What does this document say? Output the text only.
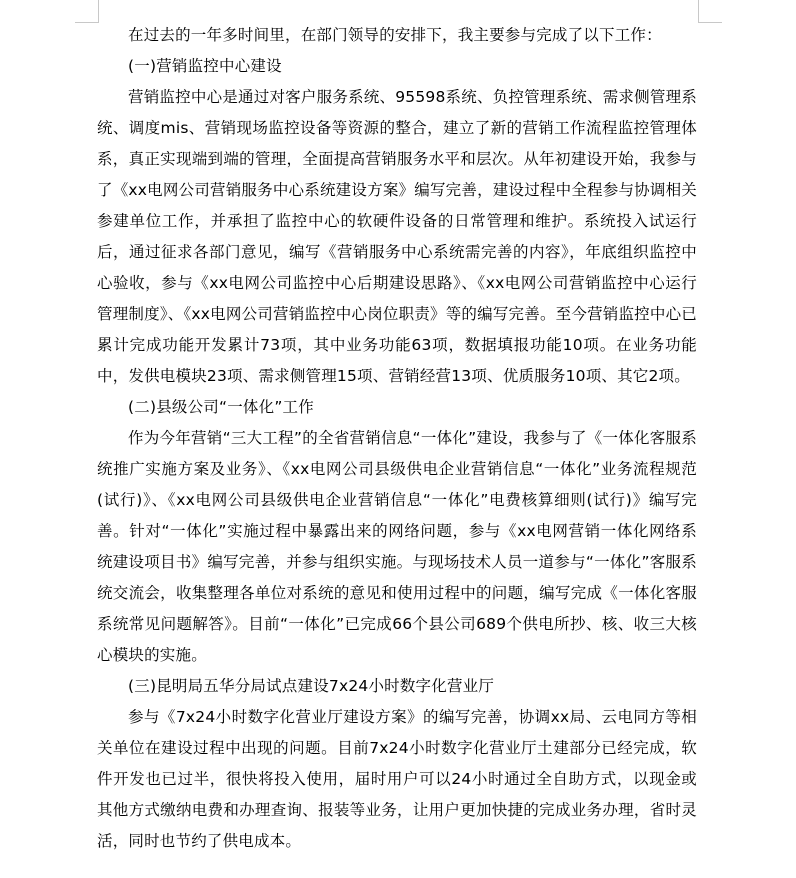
在过去的一年多时间里，在部门领导的安排下，我主要参与完成了以下工作：

(一)营销监控中心建设

营销监控中心是通过对客户服务系统、95598系统、负控管理系统、需求侧管理系统、调度mis、营销现场监控设备等资源的整合，建立了新的营销工作流程监控管理体系，真正实现端到端的管理，全面提高营销服务水平和层次。从年初建设开始，我参与了《xx电网公司营销服务中心系统建设方案》编写完善，建设过程中全程参与协调相关参建单位工作，并承担了监控中心的软硬件设备的日常管理和维护。系统投入试运行后，通过征求各部门意见，编写《营销服务中心系统需完善的内容》，年底组织监控中心验收，参与《xx电网公司监控中心后期建设思路》、《xx电网公司营销监控中心运行管理制度》、《xx电网公司营销监控中心岗位职责》等的编写完善。至今营销监控中心已累计完成功能开发累计73项，其中业务功能63项，数据填报功能10项。在业务功能中，发供电模块23项、需求侧管理15项、营销经营13项、优质服务10项、其它2项。

(二)县级公司“一体化”工作

作为今年营销“三大工程”的全省营销信息“一体化”建设，我参与了《一体化客服系统推广实施方案及业务》、《xx电网公司县级供电企业营销信息“一体化”业务流程规范(试行)》、《xx电网公司县级供电企业营销信息“一体化”电费核算细则(试行)》编写完善。针对“一体化”实施过程中暴露出来的网络问题，参与《xx电网营销一体化网络系统建设项目书》编写完善，并参与组织实施。与现场技术人员一道参与“一体化”客服系统交流会，收集整理各单位对系统的意见和使用过程中的问题，编写完成《一体化客服系统常见问题解答》。目前“一体化”已完成66个县公司689个供电所抄、核、收三大核心模块的实施。

(三)昆明局五华分局试点建设7x24小时数字化营业厅

参与《7x24小时数字化营业厅建设方案》的编写完善，协调xx局、云电同方等相关单位在建设过程中出现的问题。目前7x24小时数字化营业厅土建部分已经完成，软件开发也已过半，很快将投入使用，届时用户可以24小时通过全自助方式，以现金或其他方式缴纳电费和办理查询、报装等业务，让用户更加快捷的完成业务办理，省时灵活，同时也节约了供电成本。
